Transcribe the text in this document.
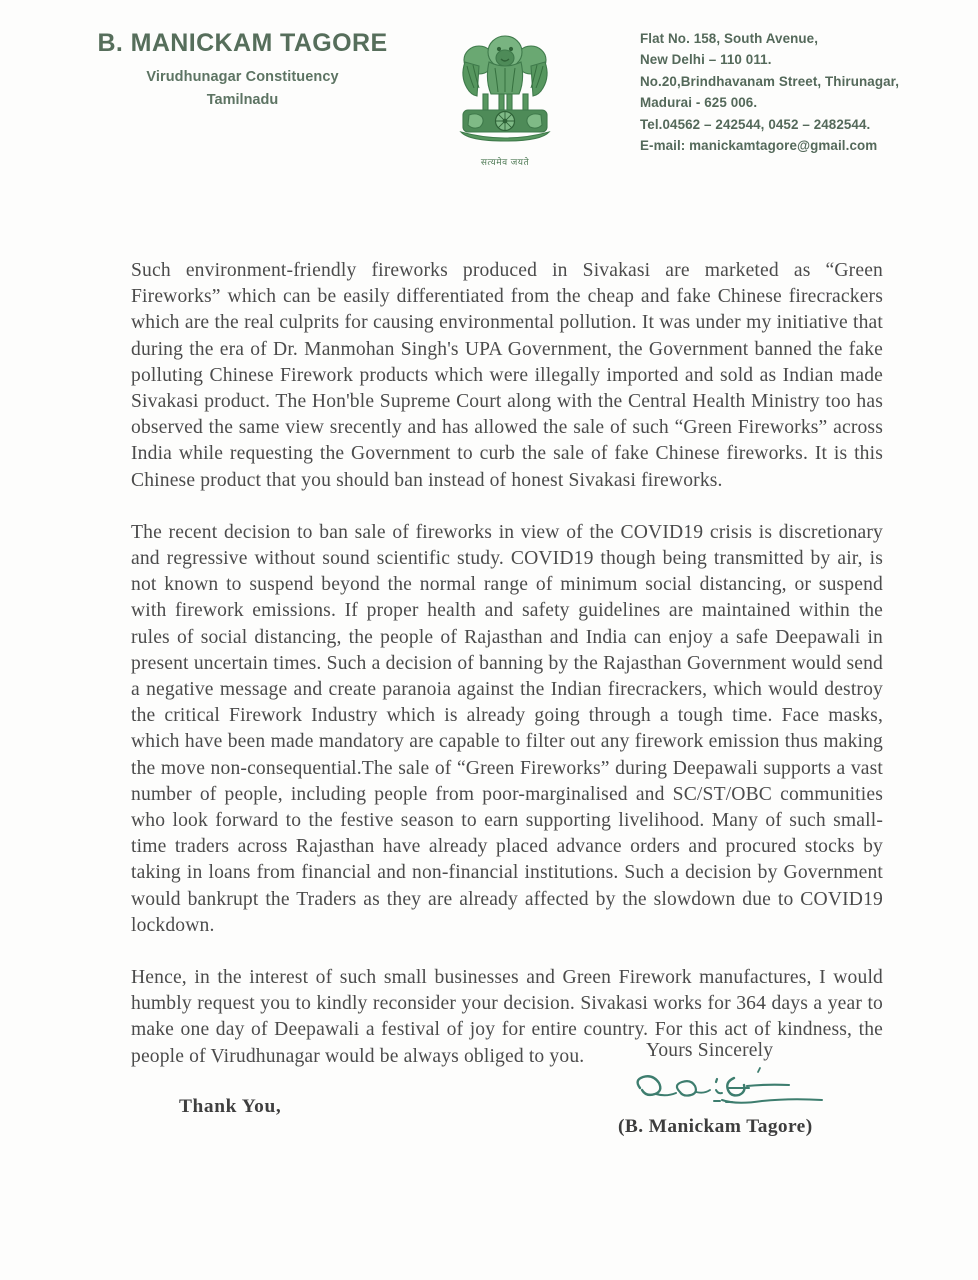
B. MANICKAM TAGORE
Virudhunagar Constituency
Tamilnadu
सत्यमेव जयते
Flat No. 158, South Avenue,
New Delhi – 110 011.
No.20,Brindhavanam Street, Thirunagar,
Madurai - 625 006.
Tel.04562 – 242544, 0452 – 2482544.
E-mail: manickamtagore@gmail.com

Such environment-friendly fireworks produced in Sivakasi are marketed as “Green Fireworks” which can be easily differentiated from the cheap and fake Chinese firecrackers which are the real culprits for causing environmental pollution. It was under my initiative that during the era of Dr. Manmohan Singh's UPA Government, the Government banned the fake polluting Chinese Firework products which were illegally imported and sold as Indian made Sivakasi product. The Hon'ble Supreme Court along with the Central Health Ministry too has observed the same view srecently and has allowed the sale of such “Green Fireworks” across India while requesting the Government to curb the sale of fake Chinese fireworks. It is this Chinese product that you should ban instead of honest Sivakasi fireworks.

The recent decision to ban sale of fireworks in view of the COVID19 crisis is discretionary and regressive without sound scientific study. COVID19 though being transmitted by air, is not known to suspend beyond the normal range of minimum social distancing, or suspend with firework emissions. If proper health and safety guidelines are maintained within the rules of social distancing, the people of Rajasthan and India can enjoy a safe Deepawali in present uncertain times. Such a decision of banning by the Rajasthan Government would send a negative message and create paranoia against the Indian firecrackers, which would destroy the critical Firework Industry which is already going through a tough time. Face masks, which have been made mandatory are capable to filter out any firework emission thus making the move non-consequential.The sale of “Green Fireworks” during Deepawali supports a vast number of people, including people from poor-marginalised and SC/ST/OBC communities who look forward to the festive season to earn supporting livelihood. Many of such small-time traders across Rajasthan have already placed advance orders and procured stocks by taking in loans from financial and non-financial institutions. Such a decision by Government would bankrupt the Traders as they are already affected by the slowdown due to COVID19 lockdown.

Hence, in the interest of such small businesses and Green Firework manufactures, I would humbly request you to kindly reconsider your decision. Sivakasi works for 364 days a year to make one day of Deepawali a festival of joy for entire country. For this act of kindness, the people of Virudhunagar would be always obliged to you.

Thank You,
Yours Sincerely
(B. Manickam Tagore)
